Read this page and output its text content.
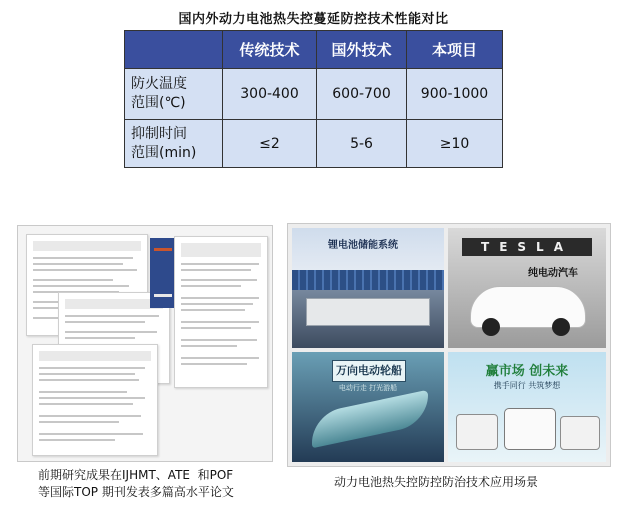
国内外动力电池热失控蔓延防控技术性能对比
	传统技术	国外技术	本项目
防火温度
范围(℃)	300-400	600-700	900-1000
抑制时间
范围(min)	≤2	5-6	≥10
前期研究成果在IJHMT、ATE  和POF
等国际TOP 期刊发表多篇高水平论文
锂电池储能系统	TESLA
纯电动汽车
万向电动轮船
电动行走 打光游船
赢市场 创未来
携手同行 共筑梦想
动力电池热失控防控防治技术应用场景
